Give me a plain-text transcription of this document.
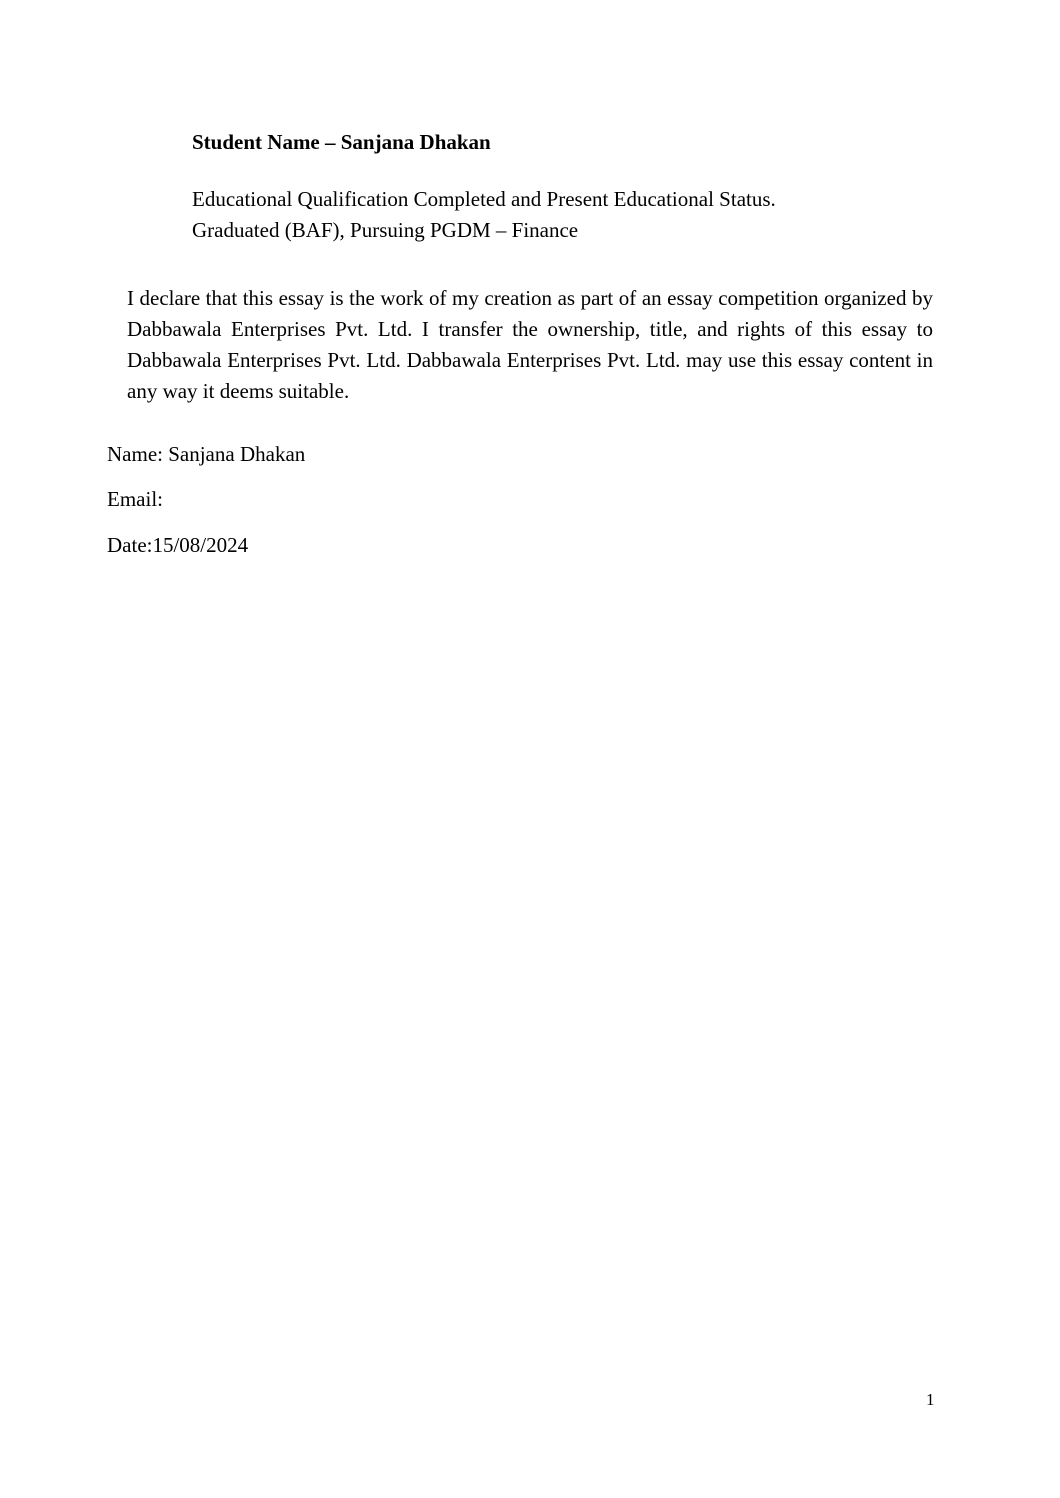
Student Name – Sanjana Dhakan
Educational Qualification Completed and Present Educational Status.
Graduated (BAF), Pursuing PGDM – Finance

I declare that this essay is the work of my creation as part of an essay competition organized by Dabbawala Enterprises Pvt. Ltd. I transfer the ownership, title, and rights of this essay to Dabbawala Enterprises Pvt. Ltd. Dabbawala Enterprises Pvt. Ltd. may use this essay content in any way it deems suitable.

Name: Sanjana Dhakan
Email:
Date:15/08/2024
1
